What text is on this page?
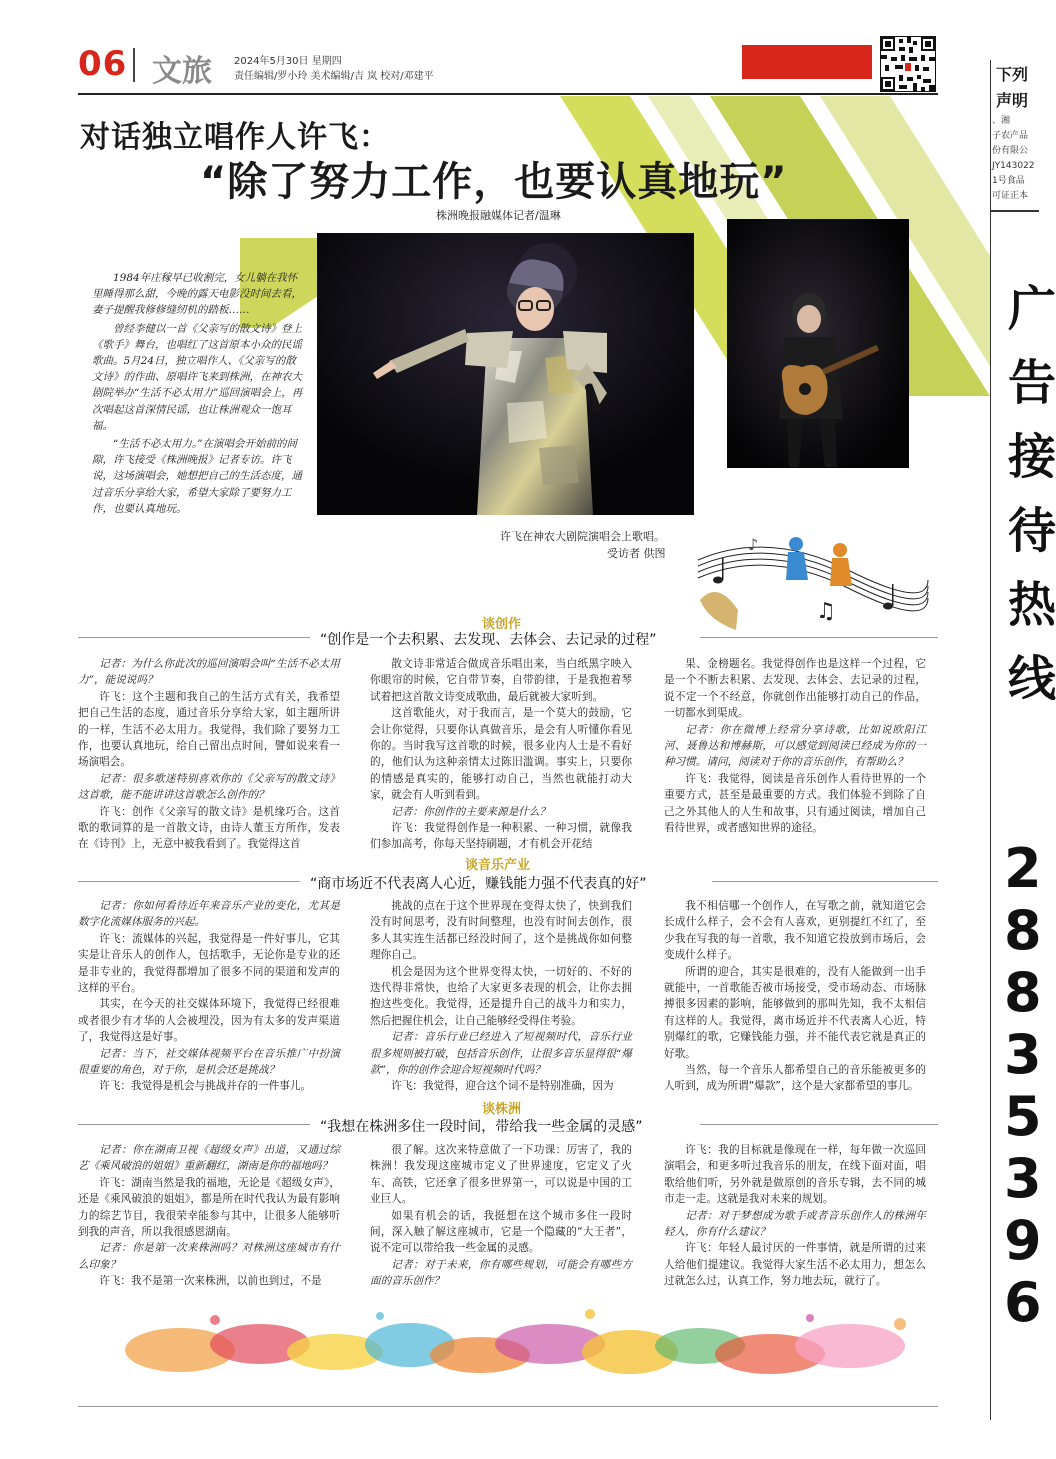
06 文旅 2024年5月30日 星期四
责任编辑/罗小玲 美术编辑/吉 岚 校对/邓建平
对话独立唱作人许飞：
“除了努力工作，也要认真地玩”
株洲晚报融媒体记者/温琳

1984年庄稼早已收割完，女儿躺在我怀里睡得那么甜，今晚的露天电影没时间去看，妻子提醒我修修缝纫机的踏板……

曾经李健以一首《父亲写的散文诗》登上《歌手》舞台，也唱红了这首原本小众的民谣歌曲。5月24日，独立唱作人、《父亲写的散文诗》的作曲、原唱许飞来到株洲，在神农大剧院举办“生活不必太用力”巡回演唱会上，再次唱起这首深情民谣，也让株洲观众一饱耳福。

“生活不必太用力。”在演唱会开始前的间隙，许飞接受《株洲晚报》记者专访。许飞说，这场演唱会，她想把自己的生活态度，通过音乐分享给大家，希望大家除了要努力工作，也要认真地玩。

许飞在神农大剧院演唱会上歌唱。
受访者 供图
♫
♪
谈创作
“创作是一个去积累、去发现、去体会、去记录的过程”

记者：为什么你此次的巡回演唱会叫“生活不必太用力”，能说说吗？

许飞：这个主题和我自己的生活方式有关，我希望把自己生活的态度，通过音乐分享给大家，如主题所讲的一样，生活不必太用力。我觉得，我们除了要努力工作，也要认真地玩，给自己留出点时间，譬如说来看一场演唱会。

记者：很多歌迷特别喜欢你的《父亲写的散文诗》这首歌，能不能讲讲这首歌怎么创作的？

许飞：创作《父亲写的散文诗》是机缘巧合。这首歌的歌词算的是一首散文诗，由诗人董玉方所作，发表在《诗刊》上，无意中被我看到了。我觉得这首

散文诗非常适合做成音乐唱出来，当白纸黑字映入你眼帘的时候，它自带节奏，自带韵律，于是我抱着琴试着把这首散文诗变成歌曲，最后就被大家听到。

这首歌能火，对于我而言，是一个莫大的鼓励，它会让你觉得，只要你认真做音乐，是会有人听懂你看见你的。当时我写这首歌的时候，很多业内人士是不看好的，他们认为这种亲情太过陈旧滥调。事实上，只要你的情感是真实的，能够打动自己，当然也就能打动大家，就会有人听到看到。

记者：你创作的主要来源是什么？

许飞：我觉得创作是一种积累、一种习惯，就像我们参加高考，你每天坚持刷题，才有机会开花结

果、金榜题名。我觉得创作也是这样一个过程，它是一个不断去积累、去发现、去体会、去记录的过程，说不定一个不经意，你就创作出能够打动自己的作品，一切都水到渠成。

记者：你在微博上经常分享诗歌，比如说欧阳江河、聂鲁达和博赫斯，可以感觉到阅读已经成为你的一种习惯。请问，阅读对于你的音乐创作，有帮助么？

许飞：我觉得，阅读是音乐创作人看待世界的一个重要方式，甚至是最重要的方式。我们体验不到除了自己之外其他人的人生和故事，只有通过阅读，增加自己看待世界，或者感知世界的途径。

谈音乐产业
“商市场近不代表离人心近，赚钱能力强不代表真的好”

记者：你如何看待近年来音乐产业的变化，尤其是数字化流媒体服务的兴起。

许飞：流媒体的兴起，我觉得是一件好事儿，它其实是让音乐人的创作人，包括歌手，无论你是专业的还是非专业的，我觉得都增加了很多不同的渠道和发声的这样的平台。

其实，在今天的社交媒体环境下，我觉得已经很难或者很少有才华的人会被埋没，因为有太多的发声渠道了，我觉得这是好事。

记者：当下，社交媒体视频平台在音乐推广中扮演很重要的角色，对于你，是机会还是挑战？

许飞：我觉得是机会与挑战并存的一件事儿。

挑战的点在于这个世界现在变得太快了，快到我们没有时间思考，没有时间整理，也没有时间去创作，很多人其实连生活都已经没时间了，这个是挑战你如何整理你自己。

机会是因为这个世界变得太快，一切好的、不好的迭代得非常快，也给了大家更多表现的机会，让你去拥抱这些变化。我觉得，还是提升自己的战斗力和实力，然后把握住机会，让自己能够经受得住考验。

记者：音乐行业已经进入了短视频时代，音乐行业很多规则被打破，包括音乐创作，让很多音乐显得很“爆款”，你的创作会迎合短视频时代吗？

许飞：我觉得，迎合这个词不是特别准确，因为

我不相信哪一个创作人，在写歌之前，就知道它会长成什么样子，会不会有人喜欢，更别提红不红了，至少我在写我的每一首歌，我不知道它投放到市场后，会变成什么样子。

所谓的迎合，其实是很难的，没有人能做到一出手就能中，一首歌能否被市场接受，受市场动态、市场脉搏很多因素的影响，能够做到的那叫先知，我不太相信有这样的人。我觉得，离市场近并不代表离人心近，特别爆红的歌，它赚钱能力强，并不能代表它就是真正的好歌。

当然，每一个音乐人都希望自己的音乐能被更多的人听到，成为所谓“爆款”，这个是大家都希望的事儿。

谈株洲
“我想在株洲多住一段时间，带给我一些金属的灵感”

记者：你在湖南卫视《超级女声》出道，又通过综艺《乘风破浪的姐姐》重新翻红，湖南是你的福地吗？

许飞：湖南当然是我的福地，无论是《超级女声》，还是《乘风破浪的姐姐》，都是所在时代我认为最有影响力的综艺节目，我很荣幸能参与其中，让很多人能够听到我的声音，所以我很感恩湖南。

记者：你是第一次来株洲吗？对株洲这座城市有什么印象？

许飞：我不是第一次来株洲，以前也到过，不是

很了解。这次来特意做了一下功课：厉害了，我的株洲！我发现这座城市定义了世界速度，它定义了火车、高铁，它还拿了很多世界第一，可以说是中国的工业巨人。

如果有机会的话，我挺想在这个城市多住一段时间，深入触了解这座城市，它是一个隐藏的“大王者”，说不定可以带给我一些金属的灵感。

记者：对于未来，你有哪些规划，可能会有哪些方面的音乐创作？

许飞：我的目标就是像现在一样，每年做一次巡回演唱会，和更多听过我音乐的朋友，在线下面对面，唱歌给他们听，另外就是做原创的音乐专辑，去不同的城市走一走。这就是我对未来的规划。

记者：对于梦想成为歌手或者音乐创作人的株洲年轻人，你有什么建议？

许飞：年轻人最讨厌的一件事情，就是所谓的过来人给他们提建议。我觉得大家生活不必太用力，想怎么过就怎么过，认真工作，努力地去玩，就行了。

下列
声明
、湘
子农产品
份有限公
JY143022
1号食品
可证正本
广
告
接
待
热
线
2
8
8
3
5
3
9
6
